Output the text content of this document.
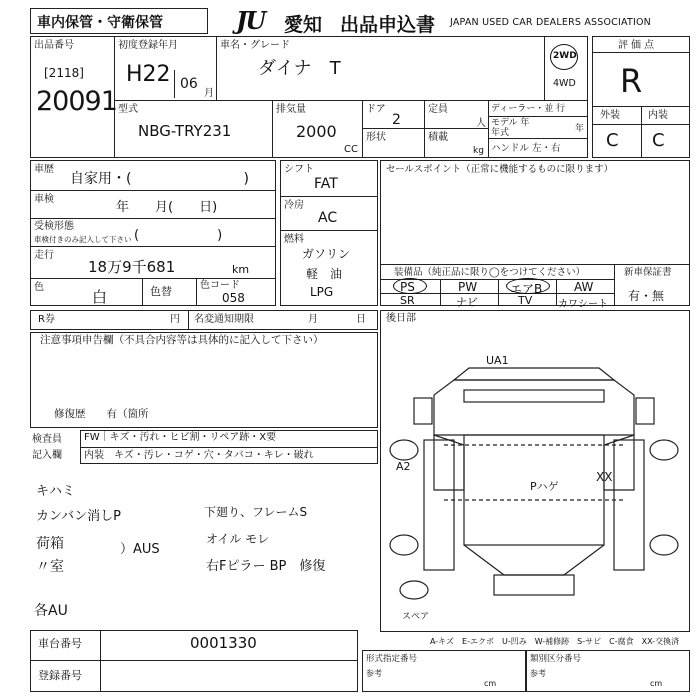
車内保管・守衛保管	JU 愛知 出品申込書 JAPAN USED CAR DEALERS ASSOCIATION
出品番号
[2118]
20091
初度登録年月
H22 06
月
車名・グレード
ダイナ　T
2WD
4WD
評価点
R
外装	内装
C C
型式
NBG-TRY231
排気量
2000
CC
ドア
2
形状
定員
人
積載
kg
ディーラー・並 行
モデル 年
年式	年
ハンドル 左・右
車歴
自家用・(　　　　　　　　)
車検
年　　月(　　日)
受検形態
車検付きのみ記入して下さい (　　　　　　)
走行
18万9千681	km
色
白	色替	色コード
058
シフト
FAT
冷房
AC
燃料
ガソリン
軽　油
LPG
セールスポイント（正常に機能するものに限ります）
装備品（純正品に限り◯をつけてください）
PS	PW	エアB	AW
SR	ナビ	TV	カワシート
新車保証書
有・無
R券	円 名変通知期限	月	日 後日部
注意事項申告欄（不具合内容等は具体的に記入して下さい）
修復歴　　有（箇所
検査員
記入欄
FW｜キズ・汚れ・ヒビ割・リペア跡・X要
内装 キズ・汚レ・コゲ・穴・タバコ・キレ・破れ
キハミ
カンバン消しP
荷箱	）AUS
〃室
下廻り、フレームS
オイル モレ
右Fピラー BP　修復
各AU
UA1
A2
Pハゲ
XX
スペア
A-キズ　E-エクボ　U-凹み　W-補修跡　S-サビ　C-腐食　XX-交換済
車台番号	0001330
登録番号
形式指定番号
参考
cm
類別区分番号
参考
cm
